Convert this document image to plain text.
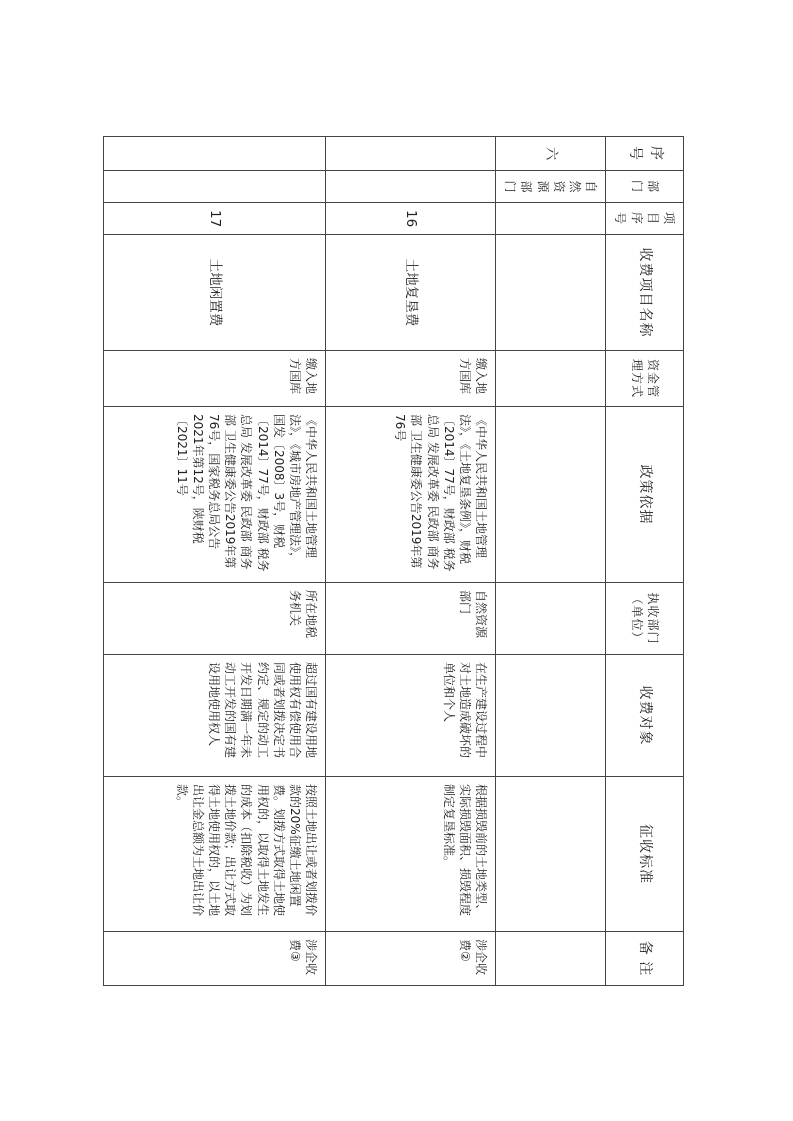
序号	部门	项目序号	收费项目名称	资金管理方式	政策依据	执收部门（单位）	收费对象	征收标准	备 注
六	自然资源部门								
		16	土地复垦费	缴入地方国库	《中华人民共和国土地管理法》，《土地复垦条例》，财税〔2014〕77号，财政部 税务总局 发展改革委 民政部 商务部 卫生健康委公告2019年第76号	自然资源部门	在生产建设过程中对土地造成破坏的单位和个人	根据损毁前的土地类型、实际损毁面积、损毁程度制定复垦标准。	涉企收费②
		17	土地闲置费	缴入地方国库	《中华人民共和国土地管理法》，《城市房地产管理法》，国发〔2008〕3号，财税〔2014〕77号，财政部 税务总局 发展改革委 民政部 商务部 卫生健康委公告2019年第76号，国家税务总局公告2021年第12号，陕财税〔2021〕11号	所在地税务机关	超过国有建设用地使用权有偿使用合同或者划拨决定书约定、规定的动工开发日期满一年未动工开发的国有建设用地使用权人	按照土地出让或者划拨价款的20%征缴土地闲置费。划拨方式取得土地使用权的，以取得土地发生的成本（扣除税收）为划拨土地价款；出让方式取得土地使用权的，以土地出让金总额为土地出让价款。	涉企收费③
